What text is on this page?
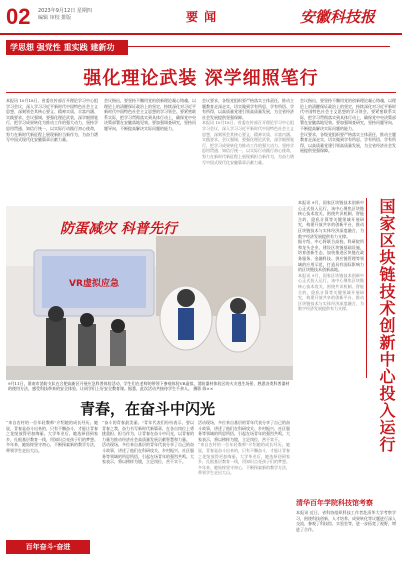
02 2023年9月12日 星期四
编辑 审校 排版	要 闻	安徽科技报
学思想 强党性 重实践 建新功
强化理论武装 深学细照笔行

本报讯 10月18日，省委宣传部召开理论学习中心组学习会议，深入学习习近平新时代中国特色社会主义思想，深刻领会其核心要义、精神实质、丰富内涵、实践要求。会议强调，要强化理论武装，深学细照笔行，把学习成果转化为推动工作的强大动力，坚持学思用贯通、知信行统一，以实际行动践行初心使命，努力在新时代新征程上展现新担当新作为，为奋力谱写中国式现代化安徽篇章贡献力量。

会议指出，要坚持不懈用党的创新理论凝心铸魂，以理论上的清醒保证政治上的坚定，持续深化对习近平新时代中国特色社会主义思想的学习领会。要紧密联系实际，把学习贯彻落实到具体行动上，确保党中央决策部署在安徽落地见效。要加强调查研究，坚持问题导向，不断提高解决实际问题的能力。

会议要求，各级党组织要严格落实主体责任，推动主题教育走深走实，切实做到学有所思、学有所悟、学有所得，以高质量党建引领高质量发展，为全省经济社会发展提供坚强保障。

本报讯 10月18日，省委宣传部召开理论学习中心组学习会议，深入学习习近平新时代中国特色社会主义思想，深刻领会其核心要义、精神实质、丰富内涵、实践要求。会议强调，要强化理论武装，深学细照笔行，把学习成果转化为推动工作的强大动力，坚持学思用贯通、知信行统一，以实际行动践行初心使命，努力在新时代新征程上展现新担当新作为，为奋力谱写中国式现代化安徽篇章贡献力量。

会议指出，要坚持不懈用党的创新理论凝心铸魂，以理论上的清醒保证政治上的坚定，持续深化对习近平新时代中国特色社会主义思想的学习领会。要紧密联系实际，把学习贯彻落实到具体行动上，确保党中央决策部署在安徽落地见效。要加强调查研究，坚持问题导向，不断提高解决实际问题的能力。

会议要求，各级党组织要严格落实主体责任，推动主题教育走深走实，切实做到学有所思、学有所悟、学有所得，以高质量党建引领高质量发展，为全省经济社会发展提供坚强保障。

VR虚拟应急
防蛋减灾 科普先行
9月11日，淮南市消防支队在合肥高新区开展应急科普体验活动，学生们在老师的带领下参观体验VR虚拟、消防器材体验区的火灾逃生场景，熟悉各类科普器材的使用方法，感受科技带来的安全体验，让同学们上好安全教育课。据悉，此次活动共接待学生千余人。 摄影 陈××	国家区块链技术创新中心投入运行

本报讯 9月，国家区块链技术创新中心正式投入运行。该中心聚焦区块链核心技术攻关，围绕共识机制、智能合约、隐私计算等关键领域开展研究，构建开放共享的创新平台，推动区块链技术与实体经济深度融合，为数字经济发展提供有力支撑。

据介绍，中心将联合高校、科研院所和龙头企业，建设区块链基础设施，培育创新生态，加快推进区块链在政务服务、金融科技、供应链管理等领域的应用示范，打造具有国际影响力的区块链技术创新高地。

本报讯 9月，国家区块链技术创新中心正式投入运行。该中心聚焦区块链核心技术攻关，围绕共识机制、智能合约、隐私计算等关键领域开展研究，构建开放共享的创新平台，推动区块链技术与实体经济深度融合，为数字经济发展提供有力支撑。

青春，在奋斗中闪光

“来自农村的一位年轻教师”介绍她的成长经历。她说，青春是奋斗出来的，只有不懈奋斗，才能让青春之花绽放得更加绚丽。大学毕业后，她选择回到家乡，扎根基层教育一线，用知识点亮孩子们的梦想。多年来，她始终坚守初心，不断探索新的教学方法，带领学生走出大山。

“奋斗的青春最美丽。”青年代表们纷纷表示，要以青春之我，奋力书写新时代新篇章，在各自岗位上勇挑重担、担当作为，让青春在奋斗中闪光，以青春的力量为推动经济社会高质量发展贡献智慧和力量。

活动现场，多位来自基层的青年代表分享了自己的奋斗故事，讲述了他们在科研攻关、乡村振兴、社区服务等领域的所思所悟，引起在场青年的强烈共鸣。大家表示，将以榜样为镜，立足岗位，苦干实干。

活动现场，多位来自基层的青年代表分享了自己的奋斗故事，讲述了他们在科研攻关、乡村振兴、社区服务等领域的所思所悟，引起在场青年的强烈共鸣。大家表示，将以榜样为镜，立足岗位，苦干实干。

“来自农村的一位年轻教师”介绍她的成长经历。她说，青春是奋斗出来的，只有不懈奋斗，才能让青春之花绽放得更加绚丽。大学毕业后，她选择回到家乡，扎根基层教育一线，用知识点亮孩子们的梦想。多年来，她始终坚守初心，不断探索新的教学方法，带领学生走出大山。

百年奋斗·奋进
清华百年学院科技馆考察

本报讯 近日，省科协组织科技工作者赴清华大学考察学习，围绕科技创新、人才培养、成果转化等议题进行深入交流，参观了科技馆、实验室等，进一步拓宽了视野，增进了合作。
